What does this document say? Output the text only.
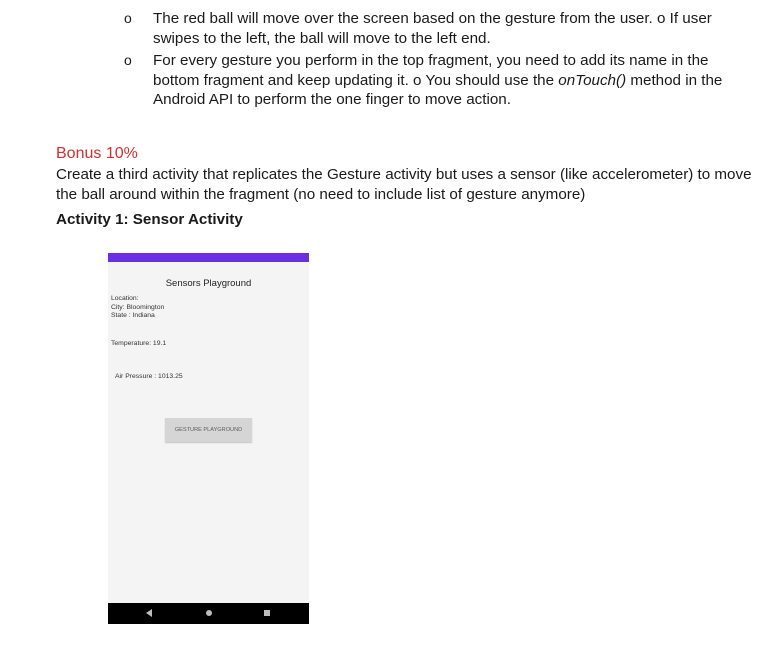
o The red ball will move over the screen based on the gesture from the user. o If user swipes to the left, the ball will move to the left end.
o For every gesture you perform in the top fragment, you need to add its name in the bottom fragment and keep updating it. o You should use the onTouch() method in the Android API to perform the one finger to move action.
Bonus 10%
Create a third activity that replicates the Gesture activity but uses a sensor (like accelerometer) to move the ball around within the fragment (no need to include list of gesture anymore)
Activity 1: Sensor Activity
Sensors Playground
Location:
City: Bloomington
State : Indiana
Temperature: 19.1
Air Pressure : 1013.25
GESTURE PLAYGROUND
